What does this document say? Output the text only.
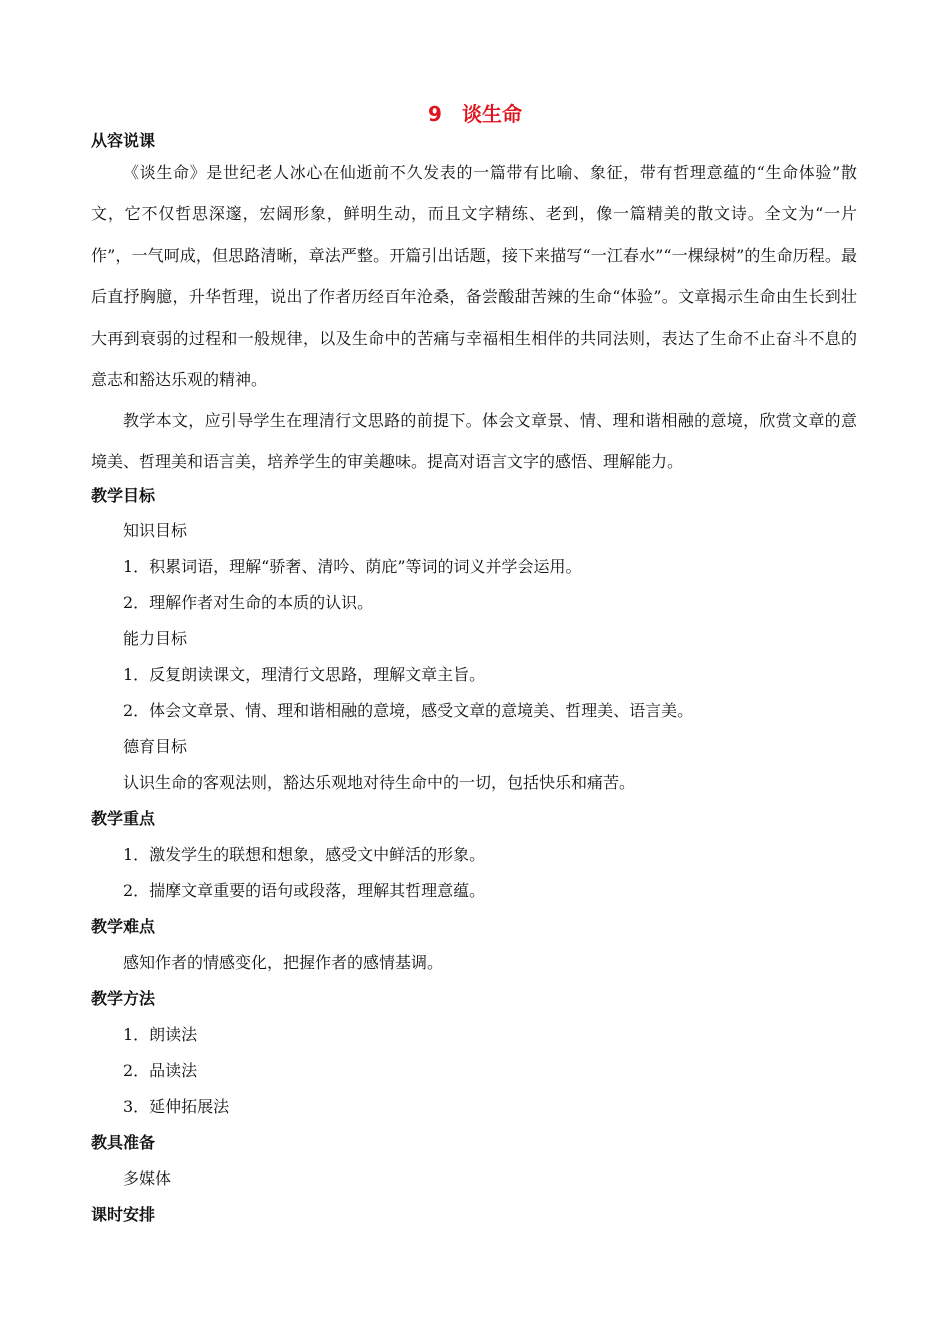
9　谈生命
从容说课

《谈生命》是世纪老人冰心在仙逝前不久发表的一篇带有比喻、象征，带有哲理意蕴的“生命体验”散文，它不仅哲思深邃，宏阔形象，鲜明生动，而且文字精练、老到，像一篇精美的散文诗。全文为“一片作”，一气呵成，但思路清晰，章法严整。开篇引出话题，接下来描写“一江春水”“一棵绿树”的生命历程。最后直抒胸臆，升华哲理，说出了作者历经百年沧桑，备尝酸甜苦辣的生命“体验”。文章揭示生命由生长到壮大再到衰弱的过程和一般规律，以及生命中的苦痛与幸福相生相伴的共同法则，表达了生命不止奋斗不息的意志和豁达乐观的精神。

教学本文，应引导学生在理清行文思路的前提下。体会文章景、情、理和谐相融的意境，欣赏文章的意境美、哲理美和语言美，培养学生的审美趣味。提高对语言文字的感悟、理解能力。

教学目标
知识目标
1．积累词语，理解“骄奢、清吟、荫庇”等词的词义并学会运用。
2．理解作者对生命的本质的认识。
能力目标
1．反复朗读课文，理清行文思路，理解文章主旨。
2．体会文章景、情、理和谐相融的意境，感受文章的意境美、哲理美、语言美。
德育目标
认识生命的客观法则，豁达乐观地对待生命中的一切，包括快乐和痛苦。
教学重点
1．激发学生的联想和想象，感受文中鲜活的形象。
2．揣摩文章重要的语句或段落，理解其哲理意蕴。
教学难点
感知作者的情感变化，把握作者的感情基调。
教学方法
1．朗读法
2．品读法
3．延伸拓展法
教具准备
多媒体
课时安排
